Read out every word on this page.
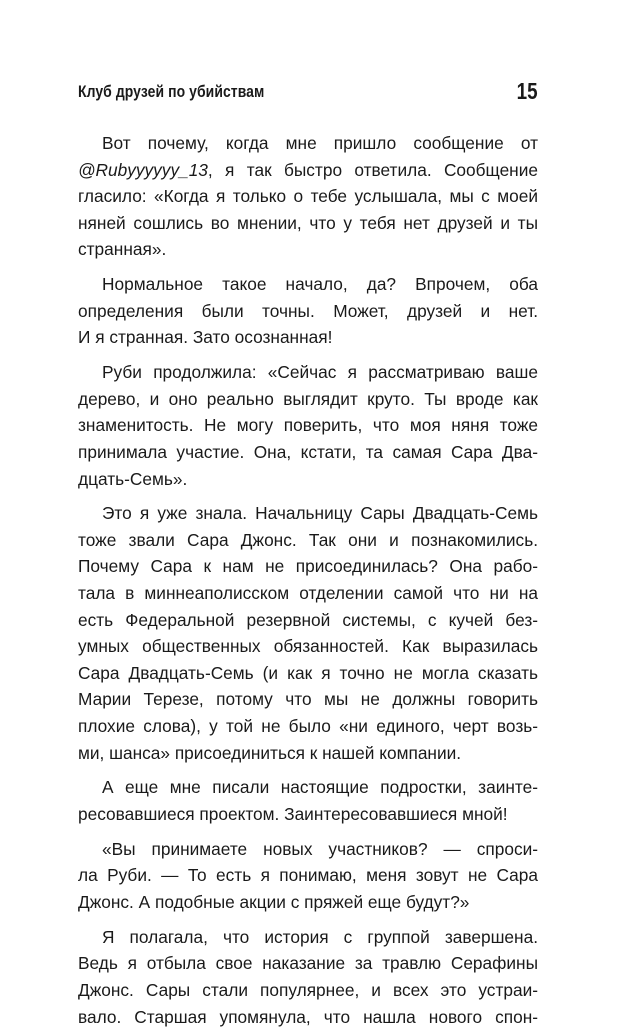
Клуб друзей по убийствам	15

Вот почему, когда мне пришло сообщение от
@Rubyyyyyy_13, я так быстро ответила. Сообщение
гласило: «Когда я только о тебе услышала, мы с моей
няней сошлись во мнении, что у тебя нет друзей и ты
странная».

Нормальное такое начало, да? Впрочем, оба
определения были точны. Может, друзей и нет.
И я странная. Зато осознанная!

Руби продолжила: «Сейчас я рассматриваю ваше
дерево, и оно реально выглядит круто. Ты вроде как
знаменитость. Не могу поверить, что моя няня тоже
принимала участие. Она, кстати, та самая Сара Два-
дцать-Семь».

Это я уже знала. Начальницу Сары Двадцать-Семь
тоже звали Сара Джонс. Так они и познакомились.
Почему Сара к нам не присоединилась? Она рабо-
тала в миннеаполисском отделении самой что ни на
есть Федеральной резервной системы, с кучей без-
умных общественных обязанностей. Как выразилась
Сара Двадцать-Семь (и как я точно не могла сказать
Марии Терезе, потому что мы не должны говорить
плохие слова), у той не было «ни единого, черт возь-
ми, шанса» присоединиться к нашей компании.

А еще мне писали настоящие подростки, заинте-
ресовавшиеся проектом. Заинтересовавшиеся мной!

«Вы принимаете новых участников? — спроси-
ла Руби. — То есть я понимаю, меня зовут не Сара
Джонс. А подобные акции с пряжей еще будут?»

Я полагала, что история с группой завершена.
Ведь я отбыла свое наказание за травлю Серафины
Джонс. Сары стали популярнее, и всех это устраи-
вало. Старшая упомянула, что нашла нового спон-
